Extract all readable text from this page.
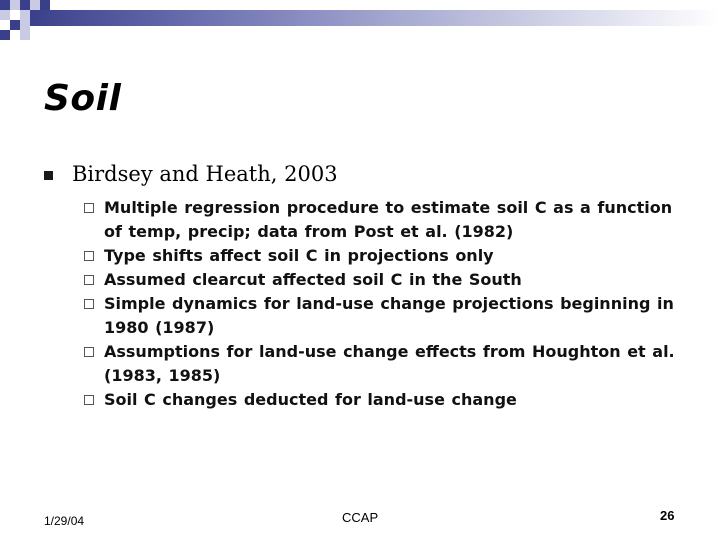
Soil
Birdsey and Heath, 2003
Multiple regression procedure to estimate soil C as a function of temp, precip; data from Post et al. (1982)
Type shifts affect soil C in projections only
Assumed clearcut affected soil C in the South
Simple dynamics for land-use change projections beginning in 1980 (1987)
Assumptions for land-use change effects from Houghton et al. (1983, 1985)
Soil C changes deducted for land-use change
1/29/04	CCAP	26
